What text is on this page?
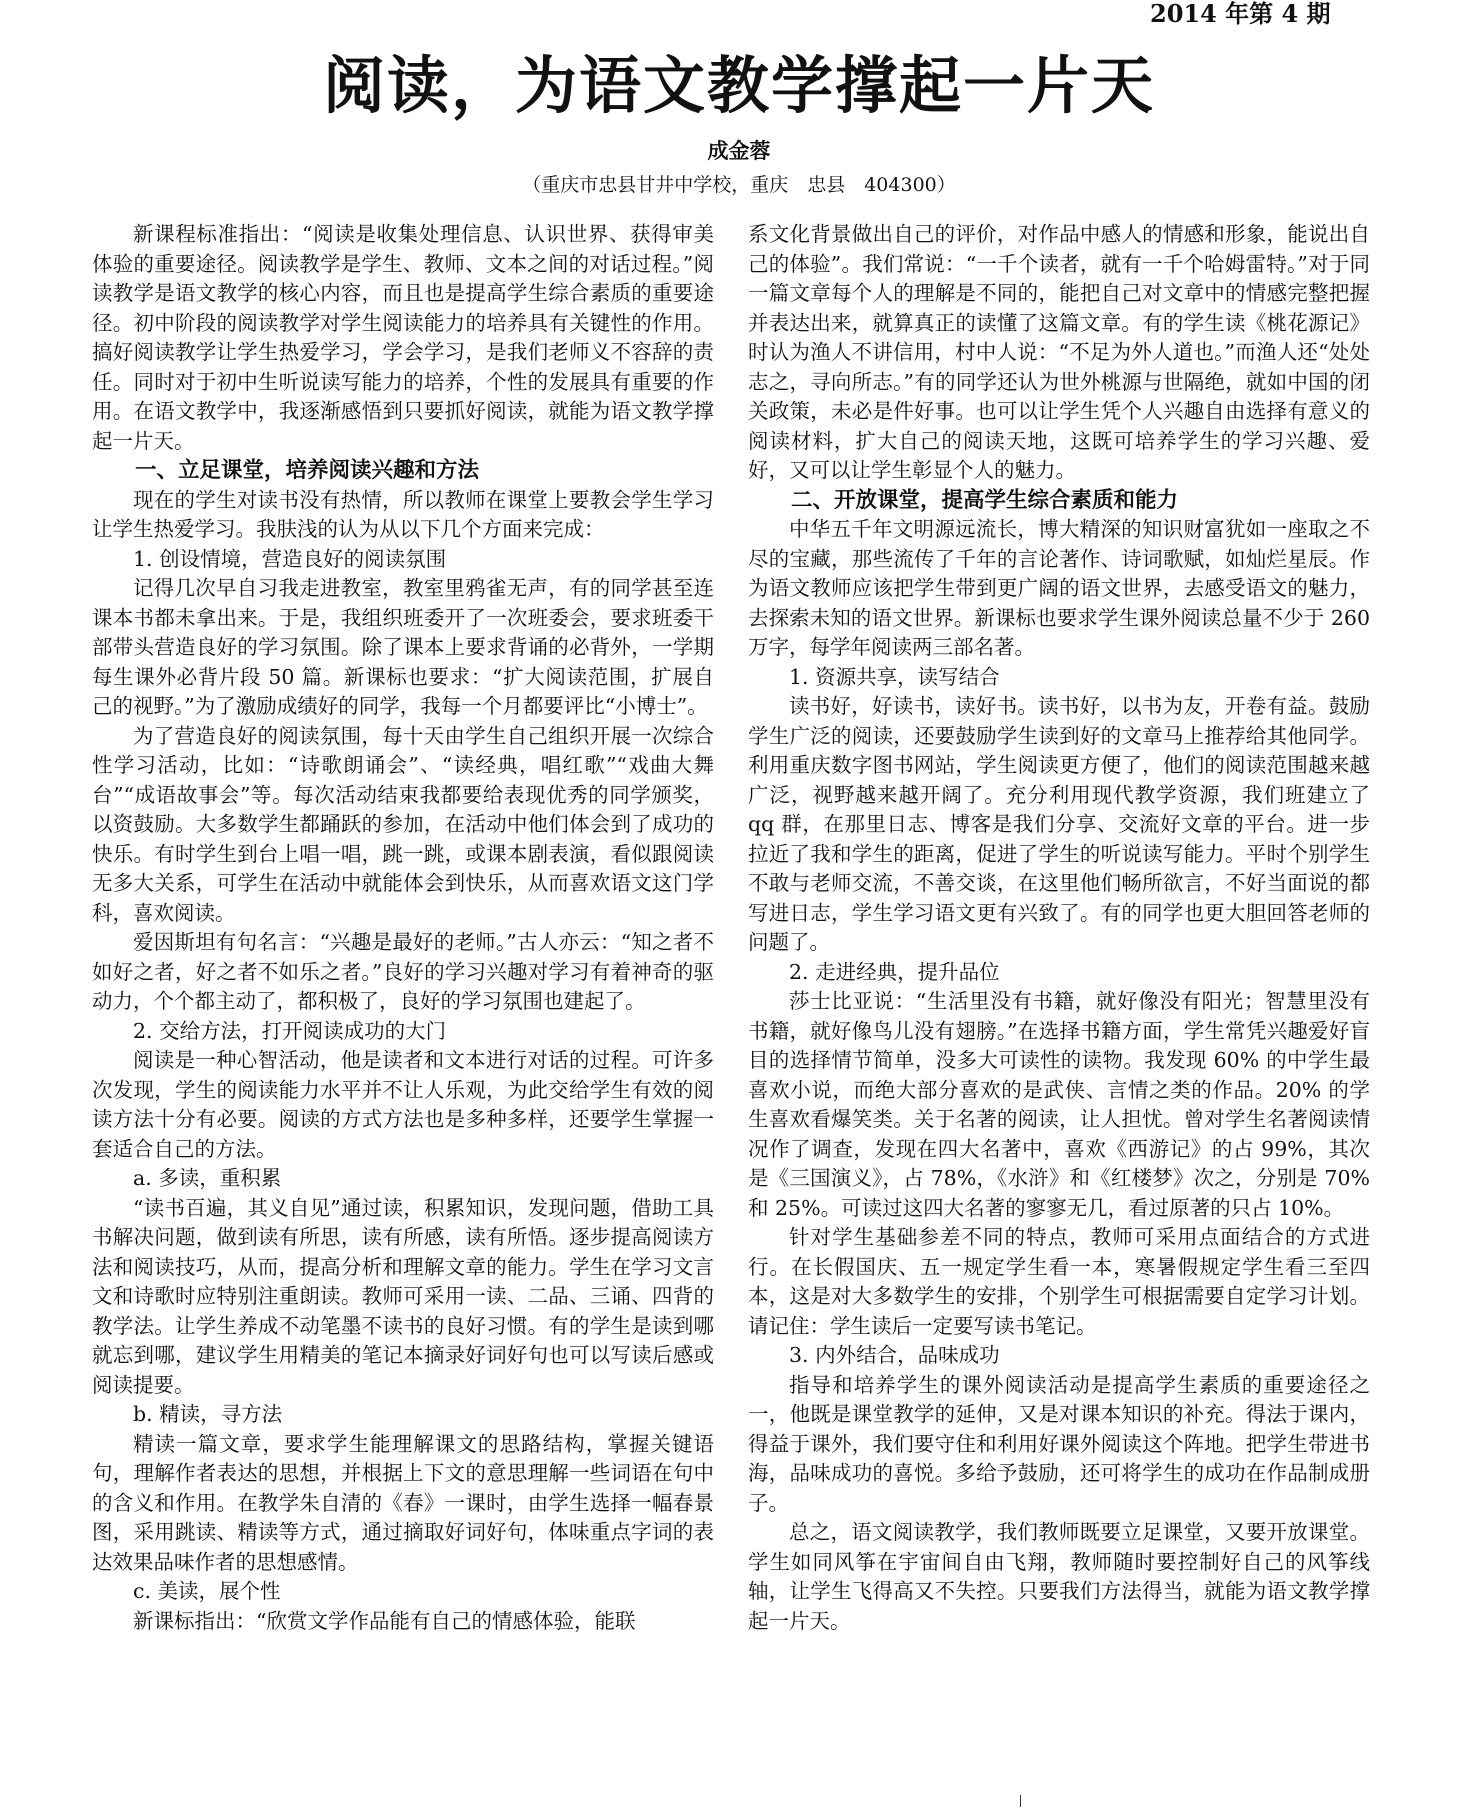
2014 年第 4 期
阅读，为语文教学撑起一片天
成金蓉
（重庆市忠县甘井中学校，重庆　忠县　404300）

新课程标准指出：“阅读是收集处理信息、认识世界、获得审美体验的重要途径。阅读教学是学生、教师、文本之间的对话过程。”阅读教学是语文教学的核心内容，而且也是提高学生综合素质的重要途径。初中阶段的阅读教学对学生阅读能力的培养具有关键性的作用。搞好阅读教学让学生热爱学习，学会学习，是我们老师义不容辞的责任。同时对于初中生听说读写能力的培养，个性的发展具有重要的作用。在语文教学中，我逐渐感悟到只要抓好阅读，就能为语文教学撑起一片天。

一、立足课堂，培养阅读兴趣和方法

现在的学生对读书没有热情，所以教师在课堂上要教会学生学习让学生热爱学习。我肤浅的认为从以下几个方面来完成：

1. 创设情境，营造良好的阅读氛围

记得几次早自习我走进教室，教室里鸦雀无声，有的同学甚至连课本书都未拿出来。于是，我组织班委开了一次班委会，要求班委干部带头营造良好的学习氛围。除了课本上要求背诵的必背外，一学期每生课外必背片段 50 篇。新课标也要求：“扩大阅读范围，扩展自己的视野。”为了激励成绩好的同学，我每一个月都要评比“小博士”。

为了营造良好的阅读氛围，每十天由学生自己组织开展一次综合性学习活动，比如：“诗歌朗诵会”、“读经典，唱红歌”“戏曲大舞台”“成语故事会”等。每次活动结束我都要给表现优秀的同学颁奖，以资鼓励。大多数学生都踊跃的参加，在活动中他们体会到了成功的快乐。有时学生到台上唱一唱，跳一跳，或课本剧表演，看似跟阅读无多大关系，可学生在活动中就能体会到快乐，从而喜欢语文这门学科，喜欢阅读。

爱因斯坦有句名言：“兴趣是最好的老师。”古人亦云：“知之者不如好之者，好之者不如乐之者。”良好的学习兴趣对学习有着神奇的驱动力，个个都主动了，都积极了，良好的学习氛围也建起了。

2. 交给方法，打开阅读成功的大门

阅读是一种心智活动，他是读者和文本进行对话的过程。可许多次发现，学生的阅读能力水平并不让人乐观，为此交给学生有效的阅读方法十分有必要。阅读的方式方法也是多种多样，还要学生掌握一套适合自己的方法。

a. 多读，重积累

“读书百遍，其义自见”通过读，积累知识，发现问题，借助工具书解决问题，做到读有所思，读有所感，读有所悟。逐步提高阅读方法和阅读技巧，从而，提高分析和理解文章的能力。学生在学习文言文和诗歌时应特别注重朗读。教师可采用一读、二品、三诵、四背的教学法。让学生养成不动笔墨不读书的良好习惯。有的学生是读到哪就忘到哪，建议学生用精美的笔记本摘录好词好句也可以写读后感或阅读提要。

b. 精读，寻方法

精读一篇文章，要求学生能理解课文的思路结构，掌握关键语句，理解作者表达的思想，并根据上下文的意思理解一些词语在句中的含义和作用。在教学朱自清的《春》一课时，由学生选择一幅春景图，采用跳读、精读等方式，通过摘取好词好句，体味重点字词的表达效果品味作者的思想感情。

c. 美读，展个性

新课标指出：“欣赏文学作品能有自己的情感体验，能联

系文化背景做出自己的评价，对作品中感人的情感和形象，能说出自己的体验”。我们常说：“一千个读者，就有一千个哈姆雷特。”对于同一篇文章每个人的理解是不同的，能把自己对文章中的情感完整把握并表达出来，就算真正的读懂了这篇文章。有的学生读《桃花源记》时认为渔人不讲信用，村中人说：“不足为外人道也。”而渔人还“处处志之，寻向所志。”有的同学还认为世外桃源与世隔绝，就如中国的闭关政策，未必是件好事。也可以让学生凭个人兴趣自由选择有意义的阅读材料，扩大自己的阅读天地，这既可培养学生的学习兴趣、爱好，又可以让学生彰显个人的魅力。

二、开放课堂，提高学生综合素质和能力

中华五千年文明源远流长，博大精深的知识财富犹如一座取之不尽的宝藏，那些流传了千年的言论著作、诗词歌赋，如灿烂星辰。作为语文教师应该把学生带到更广阔的语文世界，去感受语文的魅力，去探索未知的语文世界。新课标也要求学生课外阅读总量不少于 260 万字，每学年阅读两三部名著。

1. 资源共享，读写结合

读书好，好读书，读好书。读书好，以书为友，开卷有益。鼓励学生广泛的阅读，还要鼓励学生读到好的文章马上推荐给其他同学。利用重庆数字图书网站，学生阅读更方便了，他们的阅读范围越来越广泛，视野越来越开阔了。充分利用现代教学资源，我们班建立了 qq 群，在那里日志、博客是我们分享、交流好文章的平台。进一步拉近了我和学生的距离，促进了学生的听说读写能力。平时个别学生不敢与老师交流，不善交谈，在这里他们畅所欲言，不好当面说的都写进日志，学生学习语文更有兴致了。有的同学也更大胆回答老师的问题了。

2. 走进经典，提升品位

莎士比亚说：“生活里没有书籍，就好像没有阳光；智慧里没有书籍，就好像鸟儿没有翅膀。”在选择书籍方面，学生常凭兴趣爱好盲目的选择情节简单，没多大可读性的读物。我发现 60% 的中学生最喜欢小说，而绝大部分喜欢的是武侠、言情之类的作品。20% 的学生喜欢看爆笑类。关于名著的阅读，让人担忧。曾对学生名著阅读情况作了调查，发现在四大名著中，喜欢《西游记》的占 99%，其次是《三国演义》，占 78%，《水浒》和《红楼梦》次之，分别是 70% 和 25%。可读过这四大名著的寥寥无几，看过原著的只占 10%。

针对学生基础参差不同的特点，教师可采用点面结合的方式进行。在长假国庆、五一规定学生看一本，寒暑假规定学生看三至四本，这是对大多数学生的安排，个别学生可根据需要自定学习计划。请记住：学生读后一定要写读书笔记。

3. 内外结合，品味成功

指导和培养学生的课外阅读活动是提高学生素质的重要途径之一，他既是课堂教学的延伸，又是对课本知识的补充。得法于课内，得益于课外，我们要守住和利用好课外阅读这个阵地。把学生带进书海，品味成功的喜悦。多给予鼓励，还可将学生的成功在作品制成册子。

总之，语文阅读教学，我们教师既要立足课堂，又要开放课堂。学生如同风筝在宇宙间自由飞翔，教师随时要控制好自己的风筝线轴，让学生飞得高又不失控。只要我们方法得当，就能为语文教学撑起一片天。
